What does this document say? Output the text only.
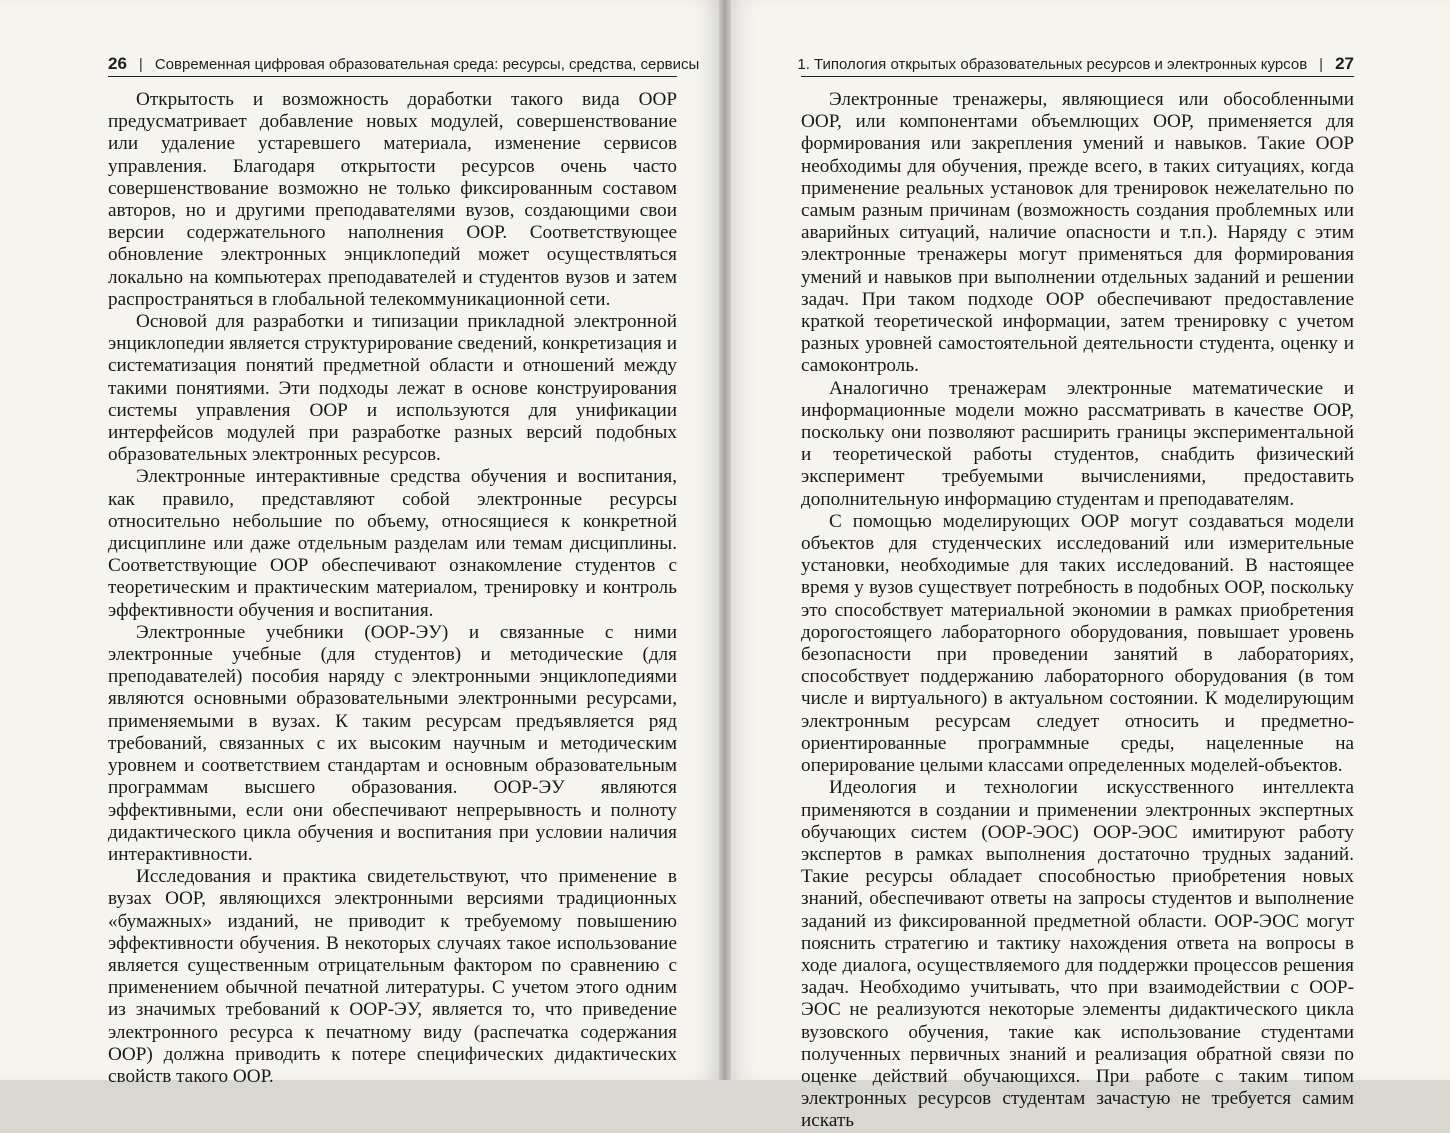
26 | Современная цифровая образовательная среда: ресурсы, средства, сервисы

Открытость и возможность доработки такого вида ООР предусматривает добавление новых модулей, совершенствование или удаление устаревшего материала, изменение сервисов управления. Благодаря открытости ресурсов очень часто совершенствование возможно не только фиксированным составом авторов, но и другими преподавателями вузов, создающими свои версии содержательного наполнения ООР. Соответствующее обновление электронных энциклопедий может осуществляться локально на компьютерах преподавателей и студентов вузов и затем распространяться в глобальной телекоммуникационной сети.

Основой для разработки и типизации прикладной электронной энциклопедии является структурирование сведений, конкретизация и систематизация понятий предметной области и отношений между такими понятиями. Эти подходы лежат в основе конструирования системы управления ООР и используются для унификации интерфейсов модулей при разработке разных версий подобных образовательных электронных ресурсов.

Электронные интерактивные средства обучения и воспитания, как правило, представляют собой электронные ресурсы относительно небольшие по объему, относящиеся к конкретной дисциплине или даже отдельным разделам или темам дисциплины. Соответствующие ООР обеспечивают ознакомление студентов с теоретическим и практическим материалом, тренировку и контроль эффективности обучения и воспитания.

Электронные учебники (ООР-ЭУ) и связанные с ними электронные учебные (для студентов) и методические (для преподавателей) пособия наряду с электронными энциклопедиями являются основными образовательными электронными ресурсами, применяемыми в вузах. К таким ресурсам предъявляется ряд требований, связанных с их высоким научным и методическим уровнем и соответствием стандартам и основным образовательным программам высшего образования. ООР-ЭУ являются эффективными, если они обеспечивают непрерывность и полноту дидактического цикла обучения и воспитания при условии наличия интерактивности.

Исследования и практика свидетельствуют, что применение в вузах ООР, являющихся электронными версиями традиционных «бумажных» изданий, не приводит к требуемому повышению эффективности обучения. В некоторых случаях такое использование является существенным отрицательным фактором по сравнению с применением обычной печатной литературы. С учетом этого одним из значимых требований к ООР-ЭУ, является то, что приведение электронного ресурса к печатному виду (распечатка содержания ООР) должна приводить к потере специфических дидактических свойств такого ООР.

1. Типология открытых образовательных ресурсов и электронных курсов | 27

Электронные тренажеры, являющиеся или обособленными ООР, или компонентами объемлющих ООР, применяется для формирования или закрепления умений и навыков. Такие ООР необходимы для обучения, прежде всего, в таких ситуациях, когда применение реальных установок для тренировок нежелательно по самым разным причинам (возможность создания проблемных или аварийных ситуаций, наличие опасности и т.п.). Наряду с этим электронные тренажеры могут применяться для формирования умений и навыков при выполнении отдельных заданий и решении задач. При таком подходе ООР обеспечивают предоставление краткой теоретической информации, затем тренировку с учетом разных уровней самостоятельной деятельности студента, оценку и самоконтроль.

Аналогично тренажерам электронные математические и информационные модели можно рассматривать в качестве ООР, поскольку они позволяют расширить границы экспериментальной и теоретической работы студентов, снабдить физический эксперимент требуемыми вычислениями, предоставить дополнительную информацию студентам и преподавателям.

С помощью моделирующих ООР могут создаваться модели объектов для студенческих исследований или измерительные установки, необходимые для таких исследований. В настоящее время у вузов существует потребность в подобных ООР, поскольку это способствует материальной экономии в рамках приобретения дорогостоящего лабораторного оборудования, повышает уровень безопасности при проведении занятий в лабораториях, способствует поддержанию лабораторного оборудования (в том числе и виртуального) в актуальном состоянии. К моделирующим электронным ресурсам следует относить и предметно-ориентированные программные среды, нацеленные на оперирование целыми классами определенных моделей-объектов.

Идеология и технологии искусственного интеллекта применяются в создании и применении электронных экспертных обучающих систем (ООР-ЭОС) ООР-ЭОС имитируют работу экспертов в рамках выполнения достаточно трудных заданий. Такие ресурсы обладает способностью приобретения новых знаний, обеспечивают ответы на запросы студентов и выполнение заданий из фиксированной предметной области. ООР-ЭОС могут пояснить стратегию и тактику нахождения ответа на вопросы в ходе диалога, осуществляемого для поддержки процессов решения задач. Необходимо учитывать, что при взаимодействии с ООР-ЭОС не реализуются некоторые элементы дидактического цикла вузовского обучения, такие как использование студентами полученных первичных знаний и реализация обратной связи по оценке действий обучающихся. При работе с таким типом электронных ресурсов студентам зачастую не требуется самим искать
